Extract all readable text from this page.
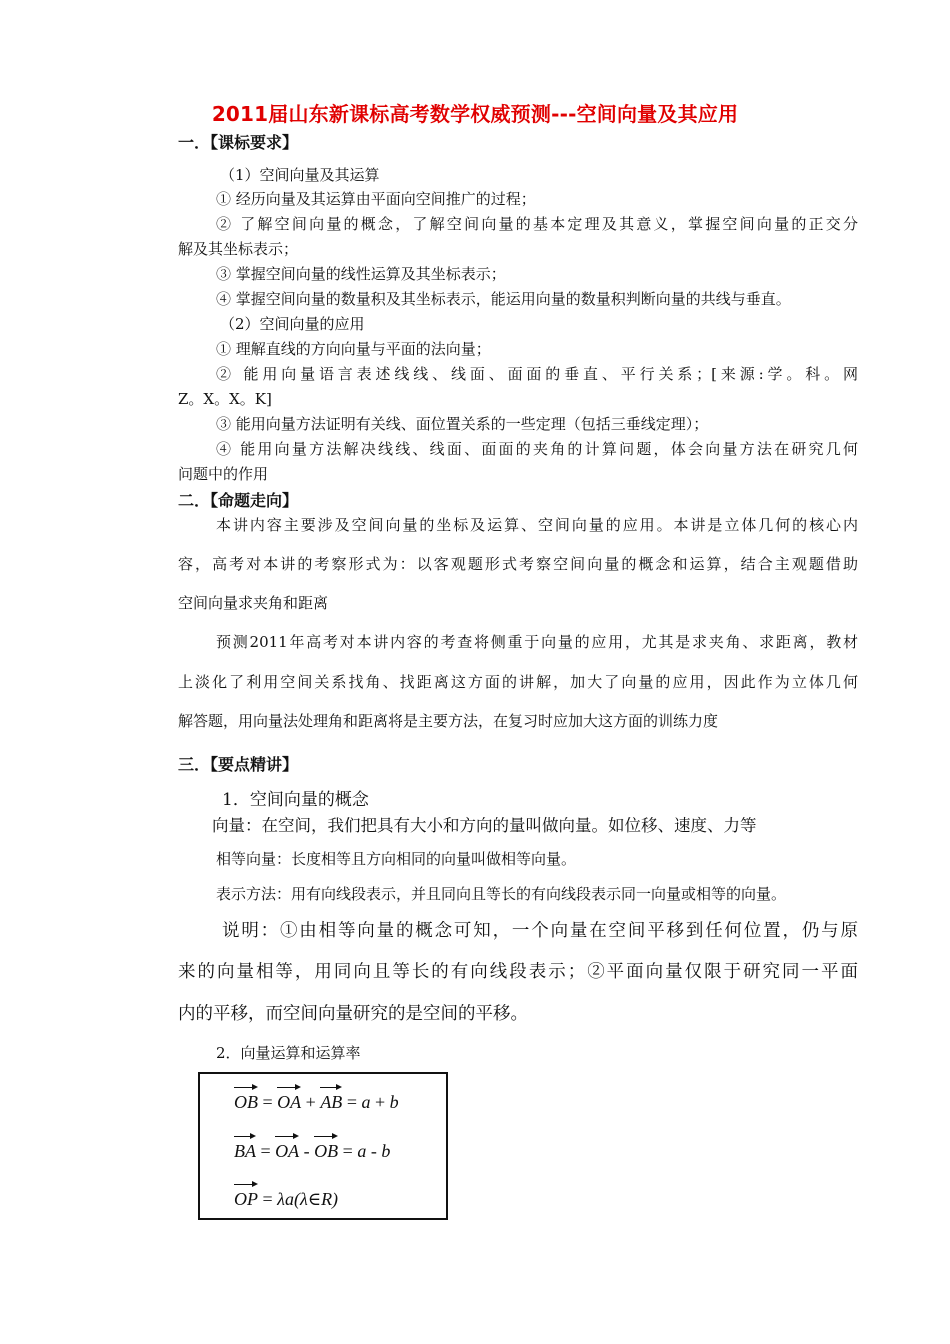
2011届山东新课标高考数学权威预测---空间向量及其应用
一．【课标要求】
（1）空间向量及其运算
① 经历向量及其运算由平面向空间推广的过程；
② 了解空间向量的概念，了解空间向量的基本定理及其意义，掌握空间向量的正交分
解及其坐标表示；
③ 掌握空间向量的线性运算及其坐标表示；
④ 掌握空间向量的数量积及其坐标表示，能运用向量的数量积判断向量的共线与垂直。
（2）空间向量的应用
① 理解直线的方向向量与平面的法向量；
② 能用向量语言表述线线、线面、面面的垂直、平行关系；[来源:学。科。网
Z。X。X。K]
③ 能用向量方法证明有关线、面位置关系的一些定理（包括三垂线定理）；
④ 能用向量方法解决线线、线面、面面的夹角的计算问题，体会向量方法在研究几何
问题中的作用
二．【命题走向】
本讲内容主要涉及空间向量的坐标及运算、空间向量的应用。本讲是立体几何的核心内
容，高考对本讲的考察形式为：以客观题形式考察空间向量的概念和运算，结合主观题借助
空间向量求夹角和距离
预测2011年高考对本讲内容的考查将侧重于向量的应用，尤其是求夹角、求距离，教材
上淡化了利用空间关系找角、找距离这方面的讲解，加大了向量的应用，因此作为立体几何
解答题，用向量法处理角和距离将是主要方法，在复习时应加大这方面的训练力度
三．【要点精讲】
1．空间向量的概念
向量：在空间，我们把具有大小和方向的量叫做向量。如位移、速度、力等
相等向量：长度相等且方向相同的向量叫做相等向量。
表示方法：用有向线段表示，并且同向且等长的有向线段表示同一向量或相等的向量。
说明：①由相等向量的概念可知，一个向量在空间平移到任何位置，仍与原
来的向量相等，用同向且等长的有向线段表示；②平面向量仅限于研究同一平面
内的平移，而空间向量研究的是空间的平移。
2．向量运算和运算率
OB = OA + AB = a + b
BA = OA - OB = a - b
OP = λa(λ∈R)
